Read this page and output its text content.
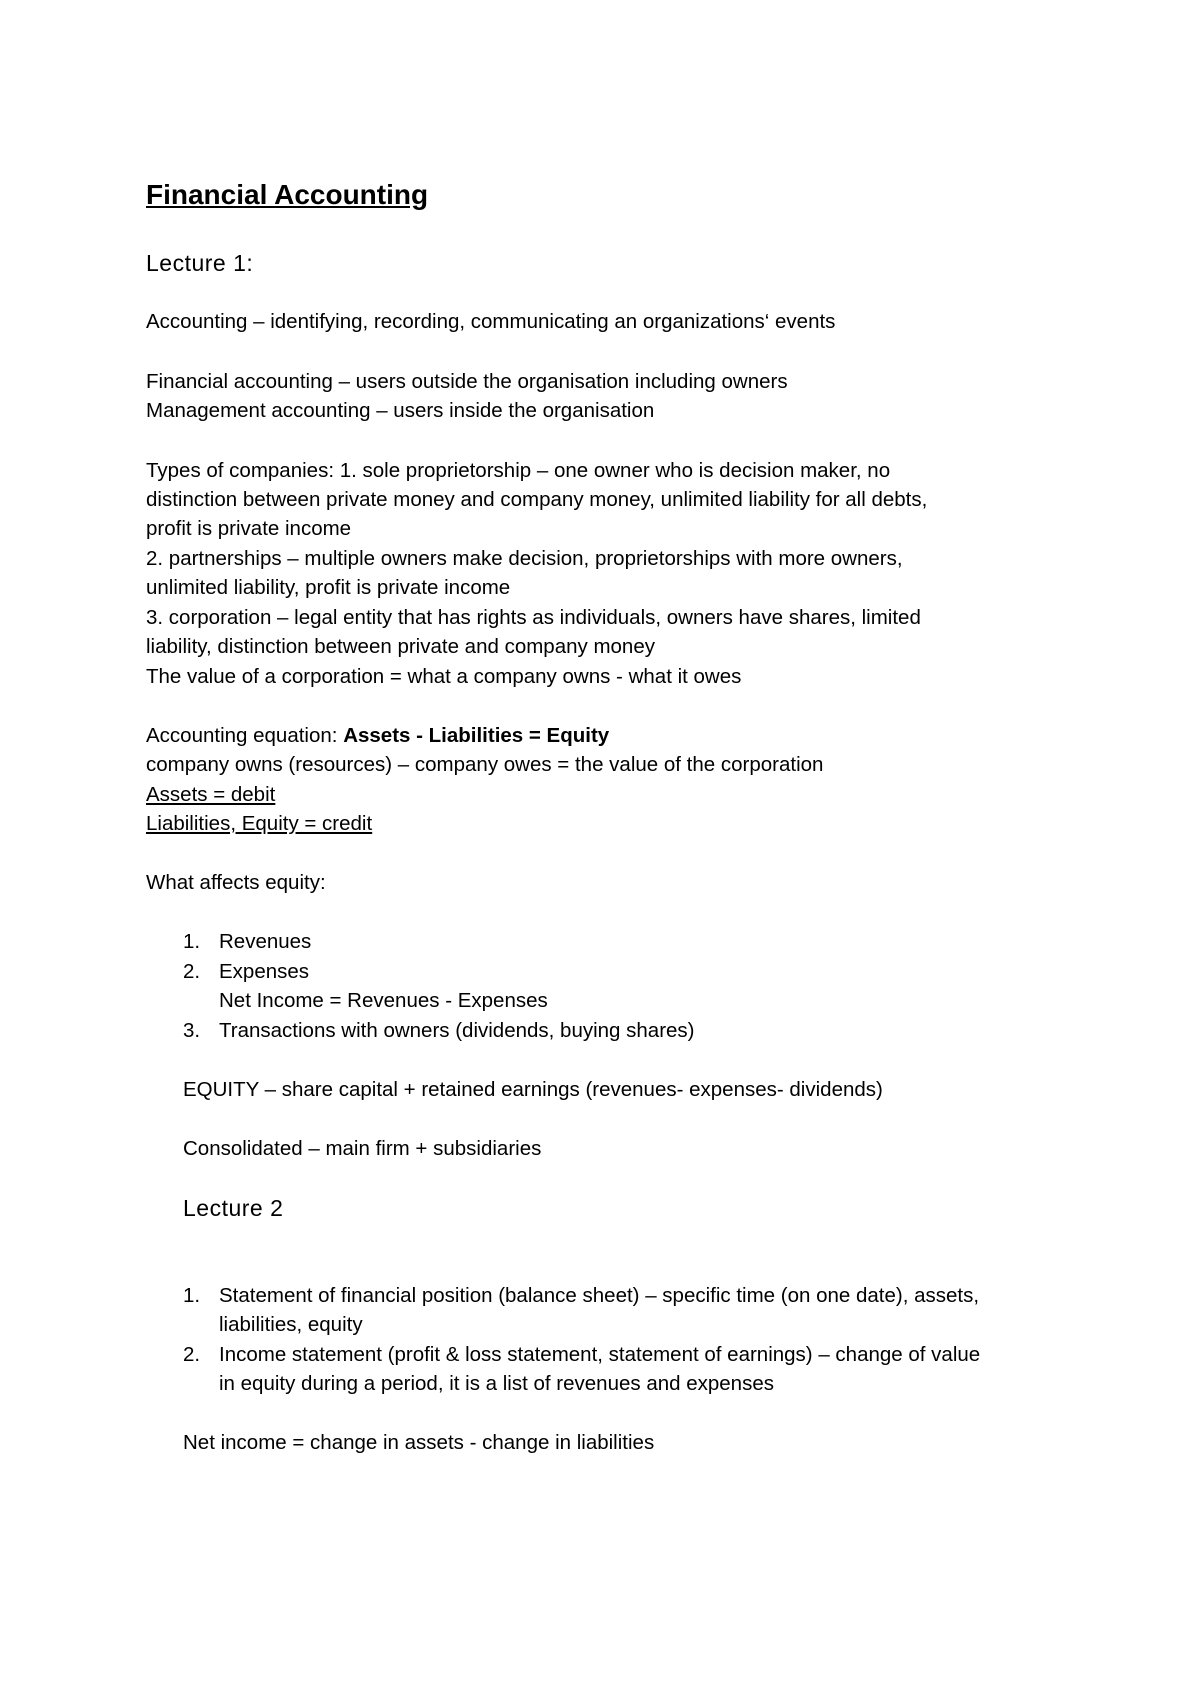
Financial Accounting
Lecture 1:
Accounting – identifying, recording, communicating an organizations‘ events
Financial accounting – users outside the organisation including owners
Management accounting – users inside the organisation
Types of companies: 1. sole proprietorship – one owner who is decision maker, no
distinction between private money and company money, unlimited liability for all debts,
profit is private income
2. partnerships – multiple owners make decision, proprietorships with more owners,
unlimited liability, profit is private income
3. corporation – legal entity that has rights as individuals, owners have shares, limited
liability, distinction between private and company money
The value of a corporation = what a company owns - what it owes
Accounting equation: Assets - Liabilities = Equity
company owns (resources) – company owes = the value of the corporation
Assets = debit
Liabilities, Equity = credit
What affects equity:
1. Revenues
2. Expenses
Net Income = Revenues - Expenses
3. Transactions with owners (dividends, buying shares)
EQUITY – share capital + retained earnings (revenues- expenses- dividends)
Consolidated – main firm + subsidiaries
Lecture 2
1. Statement of financial position (balance sheet) – specific time (on one date), assets,
liabilities, equity
2. Income statement (profit & loss statement, statement of earnings) – change of value
in equity during a period, it is a list of revenues and expenses
Net income = change in assets - change in liabilities
